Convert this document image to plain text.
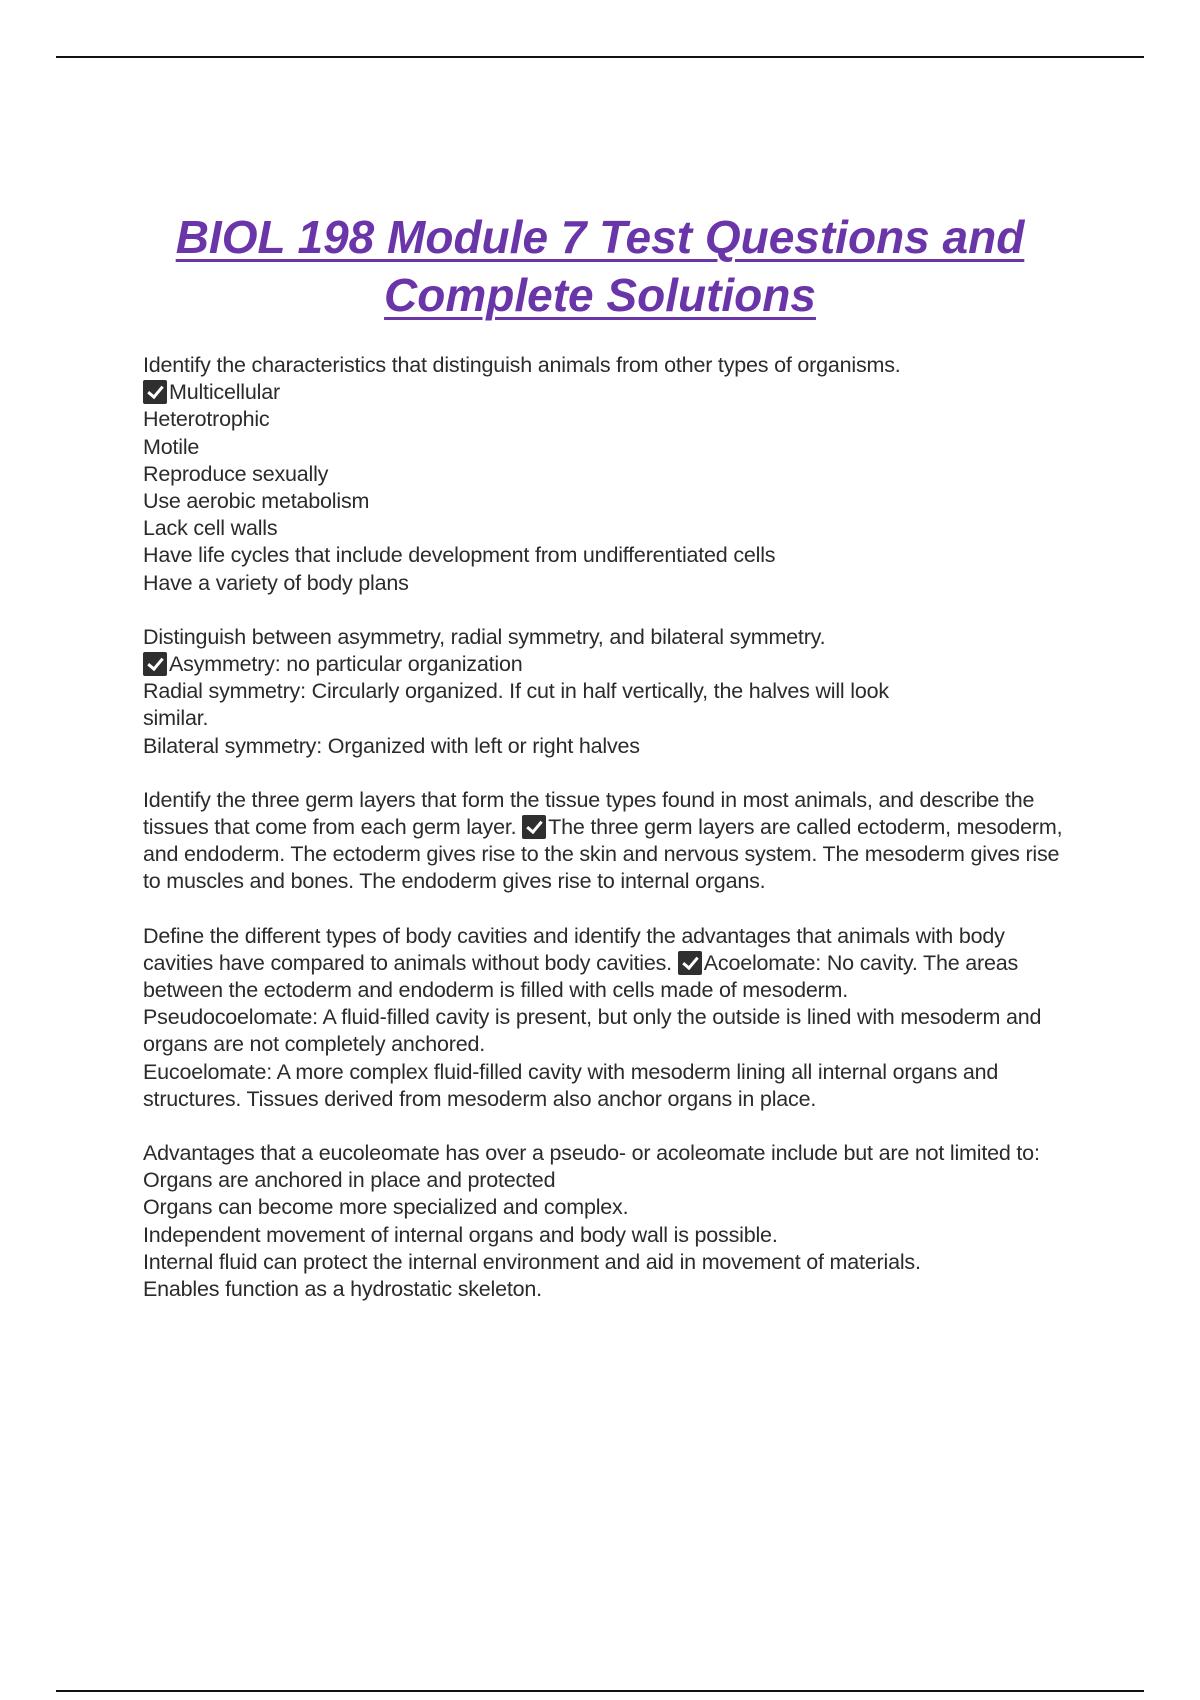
BIOL 198 Module 7 Test Questions and
Complete Solutions
Identify the characteristics that distinguish animals from other types of organisms.
Multicellular
Heterotrophic
Motile
Reproduce sexually
Use aerobic metabolism
Lack cell walls
Have life cycles that include development from undifferentiated cells
Have a variety of body plans
Distinguish between asymmetry, radial symmetry, and bilateral symmetry.
Asymmetry: no particular organization
Radial symmetry: Circularly organized. If cut in half vertically, the halves will look
similar.
Bilateral symmetry: Organized with left or right halves
Identify the three germ layers that form the tissue types found in most animals, and describe the tissues that come from each germ layer. The three germ layers are called ectoderm, mesoderm, and endoderm. The ectoderm gives rise to the skin and nervous system. The mesoderm gives rise to muscles and bones. The endoderm gives rise to internal organs.
Define the different types of body cavities and identify the advantages that animals with body cavities have compared to animals without body cavities. Acoelomate: No cavity. The areas between the ectoderm and endoderm is filled with cells made of mesoderm.
Pseudocoelomate: A fluid-filled cavity is present, but only the outside is lined with mesoderm and organs are not completely anchored.
Eucoelomate: A more complex fluid-filled cavity with mesoderm lining all internal organs and structures. Tissues derived from mesoderm also anchor organs in place.
Advantages that a eucoleomate has over a pseudo- or acoleomate include but are not limited to:
Organs are anchored in place and protected
Organs can become more specialized and complex.
Independent movement of internal organs and body wall is possible.
Internal fluid can protect the internal environment and aid in movement of materials.
Enables function as a hydrostatic skeleton.
